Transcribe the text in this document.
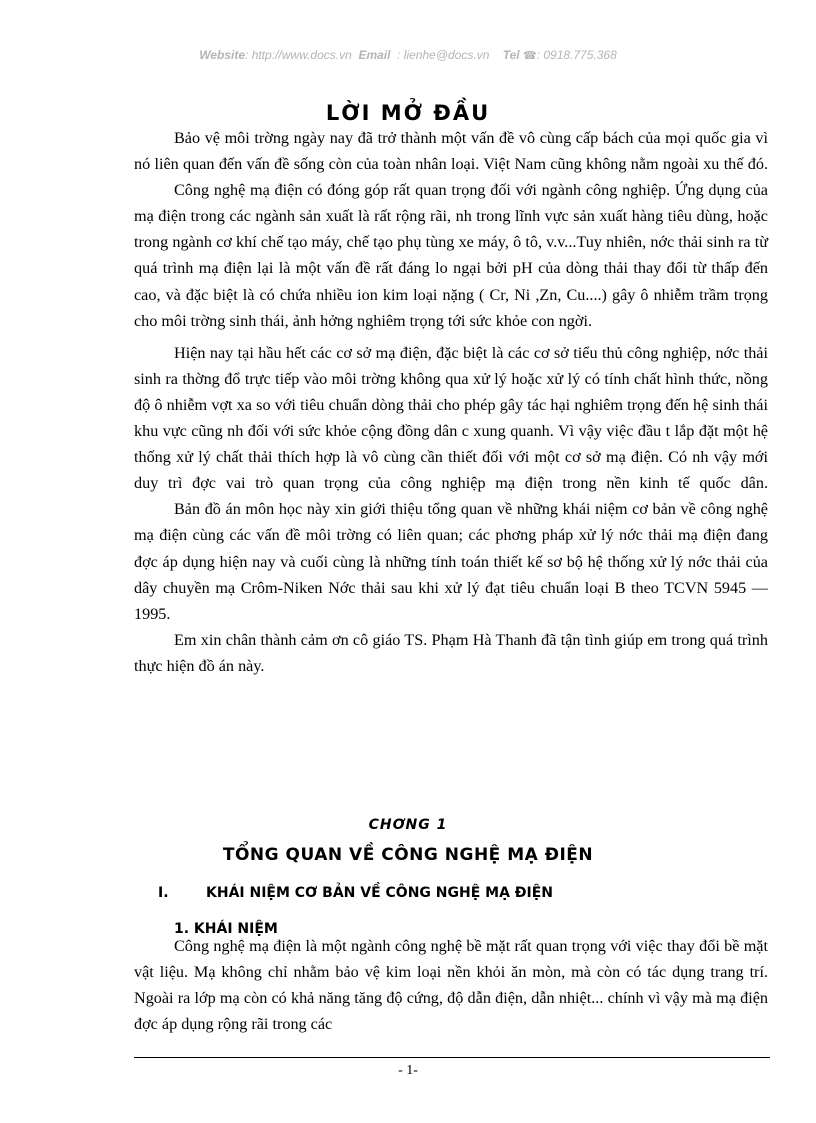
Website: http://www.docs.vn Email  : lienhe@docs.vn Tel ☎: 0918.775.368
LỜI MỞ ĐẦU

Bảo vệ môi trờng ngày nay đã trở thành một vấn đề vô cùng cấp bách của mọi quốc gia vì nó liên quan đến vấn đề sống còn của toàn nhân loại. Việt Nam cũng không nằm ngoài xu thế đó.

Công nghệ mạ điện có đóng góp rất quan trọng đối với ngành công nghiệp. Ứng dụng của mạ điện trong các ngành sản xuất là rất rộng rãi, nh trong lĩnh vực sản xuất hàng tiêu dùng, hoặc trong ngành cơ khí chế tạo máy, chế tạo phụ tùng xe máy, ô tô, v.v...Tuy nhiên, nớc thải sinh ra từ quá trình mạ điện lại là một vấn đề rất đáng lo ngại bởi pH của dòng thải thay đổi từ thấp đến cao, và đặc biệt là có chứa nhiều ion kim loại nặng ( Cr, Ni ,Zn, Cu....) gây ô nhiễm trầm trọng cho môi trờng sinh thái, ảnh hởng nghiêm trọng tới sức khỏe con ngời.

Hiện nay tại hầu hết các cơ sở mạ điện, đặc biệt là các cơ sở tiểu thủ công nghiệp, nớc thải sinh ra thờng đổ trực tiếp vào môi trờng không qua xử lý hoặc xử lý có tính chất hình thức, nồng độ ô nhiễm vợt xa so với tiêu chuẩn dòng thải cho phép gây tác hại nghiêm trọng đến hệ sinh thái khu vực cũng nh đối với sức khỏe cộng đồng dân c xung quanh. Vì vậy việc đầu t lắp đặt một hệ thống xử lý chất thải thích hợp là vô cùng cần thiết đối với một cơ sở mạ điện. Có nh vậy mới duy trì đợc vai trò quan trọng của công nghiệp mạ điện trong nền kinh tế quốc dân.

Bản đồ án môn học này xin giới thiệu tổng quan về những khái niệm cơ bản về công nghệ mạ điện cùng các vấn đề môi trờng có liên quan; các phơng pháp xử lý nớc thải mạ điện đang đợc áp dụng hiện nay và cuối cùng là những tính toán thiết kế sơ bộ hệ thống xử lý nớc thải của dây chuyền mạ Crôm-Niken Nớc thải sau khi xử lý đạt tiêu chuẩn loại B theo TCVN 5945 — 1995.

Em xin chân thành cảm ơn cô giáo TS. Phạm Hà Thanh đã tận tình giúp em trong quá trình thực hiện đồ án này.

CHƠNG 1
TỔNG QUAN VỀ CÔNG NGHỆ MẠ ĐIỆN
I.	KHÁI NIỆM CƠ BẢN VỀ CÔNG NGHỆ MẠ ĐIỆN
1. KHÁI NIỆM

Công nghệ mạ điện là một ngành công nghệ bề mặt rất quan trọng với việc thay đổi bề mặt vật liệu. Mạ không chỉ nhằm bảo vệ kim loại nền khỏi ăn mòn, mà còn có tác dụng trang trí. Ngoài ra lớp mạ còn có khả năng tăng độ cứng, độ dẫn điện, dẫn nhiệt... chính vì vậy mà mạ điện đợc áp dụng rộng rãi trong các

- 1-
